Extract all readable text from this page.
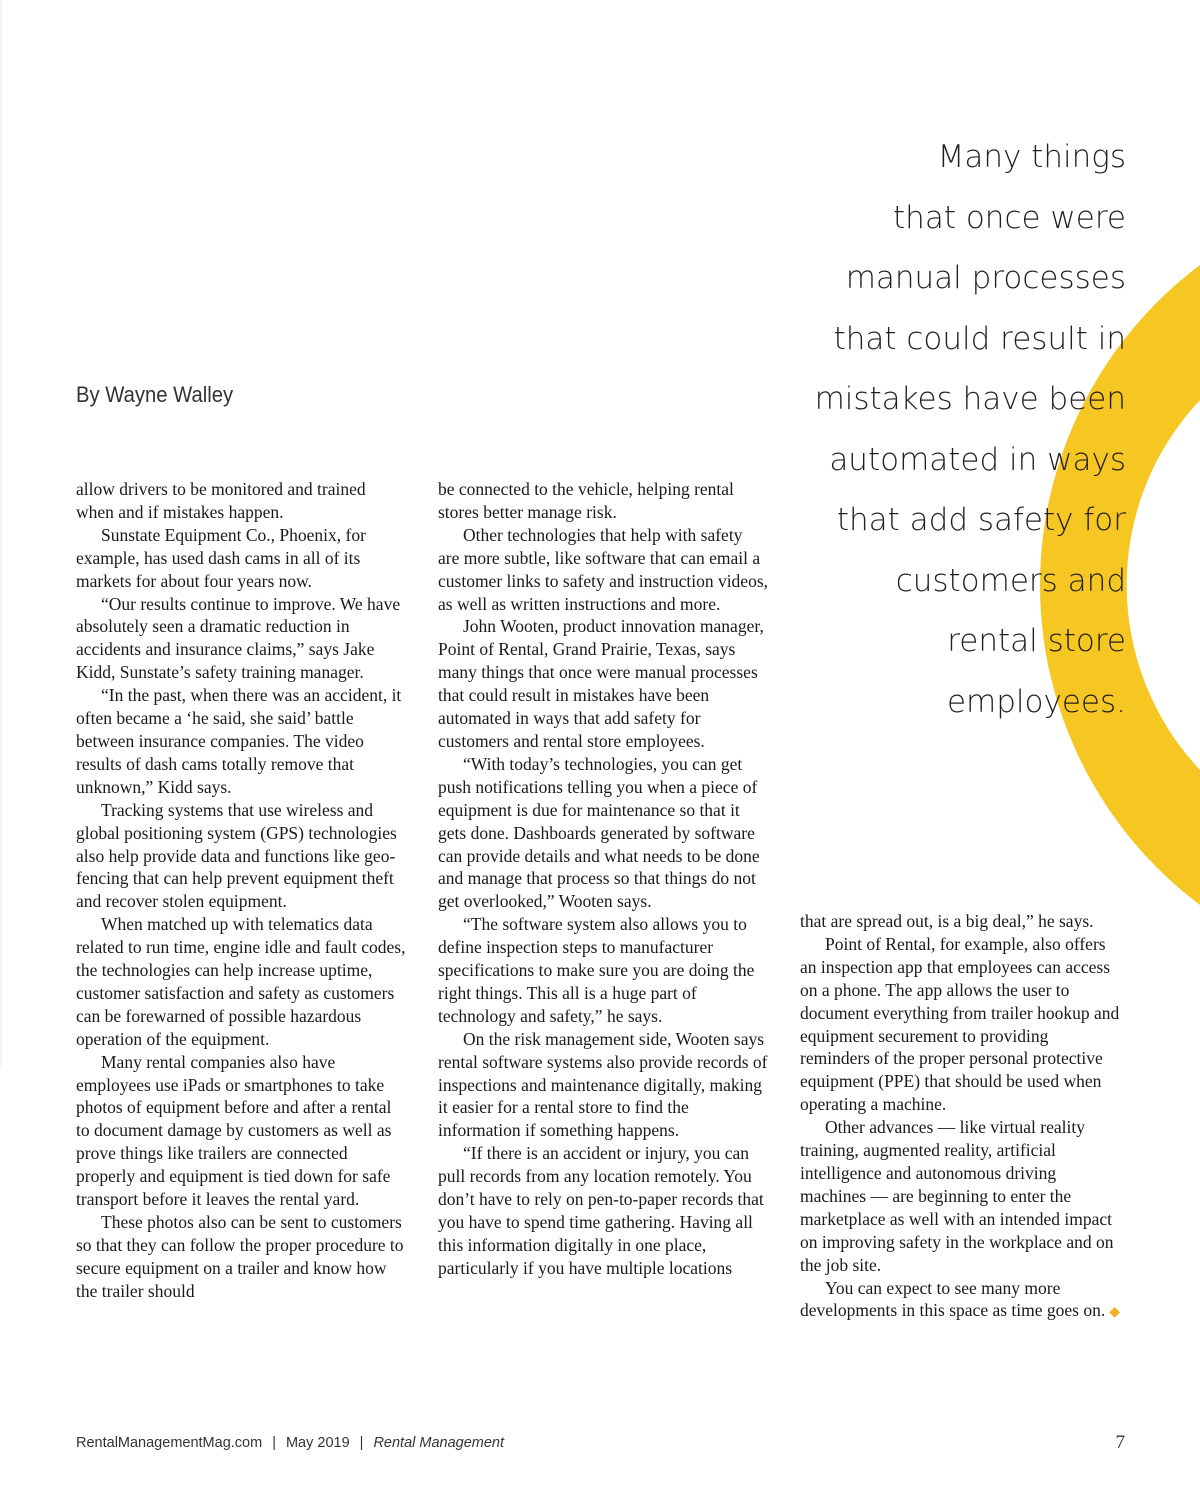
Many things
that once were
manual processes
that could result in
mistakes have been
automated in ways
that add safety for
customers and
rental store
employees.
By Wayne Walley

allow drivers to be monitored and trained when and if mistakes happen.

Sunstate Equipment Co., Phoenix, for example, has used dash cams in all of its markets for about four years now.

“Our results continue to improve. We have absolutely seen a dramatic reduction in accidents and insurance claims,” says Jake Kidd, Sunstate’s safety training manager.

“In the past, when there was an accident, it often became a ‘he said, she said’ battle between insurance companies. The video results of dash cams totally remove that unknown,” Kidd says.

Tracking systems that use wireless and global positioning system (GPS) technologies also help provide data and functions like geo-fencing that can help prevent equipment theft and recover stolen equipment.

When matched up with telematics data related to run time, engine idle and fault codes, the technologies can help increase uptime, customer satisfaction and safety as customers can be forewarned of possible hazardous operation of the equipment.

Many rental companies also have employees use iPads or smartphones to take photos of equipment before and after a rental to document damage by customers as well as prove things like trailers are connected properly and equipment is tied down for safe transport before it leaves the rental yard.

These photos also can be sent to customers so that they can follow the proper procedure to secure equipment on a trailer and know how the trailer should

be connected to the vehicle, helping rental stores better manage risk.

Other technologies that help with safety are more subtle, like software that can email a customer links to safety and instruction videos, as well as written instructions and more.

John Wooten, product innovation manager, Point of Rental, Grand Prairie, Texas, says many things that once were manual processes that could result in mistakes have been automated in ways that add safety for customers and rental store employees.

“With today’s technologies, you can get push notifications telling you when a piece of equipment is due for maintenance so that it gets done. Dashboards generated by software can provide details and what needs to be done and manage that process so that things do not get overlooked,” Wooten says.

“The software system also allows you to define inspection steps to manufacturer specifications to make sure you are doing the right things. This all is a huge part of technology and safety,” he says.

On the risk management side, Wooten says rental software systems also provide records of inspections and maintenance digitally, making it easier for a rental store to find the information if something happens.

“If there is an accident or injury, you can pull records from any location remotely. You don’t have to rely on pen-to-paper records that you have to spend time gathering. Having all this information digitally in one place, particularly if you have multiple locations

that are spread out, is a big deal,” he says.

Point of Rental, for example, also offers an inspection app that employees can access on a phone. The app allows the user to document everything from trailer hookup and equipment securement to providing reminders of the proper personal protective equipment (PPE) that should be used when operating a machine.

Other advances — like virtual reality training, augmented reality, artificial intelligence and autonomous driving machines — are beginning to enter the marketplace as well with an intended impact on improving safety in the workplace and on the job site.

You can expect to see many more developments in this space as time goes on. ◆

RentalManagementMag.com | May 2019 | Rental Management	7
